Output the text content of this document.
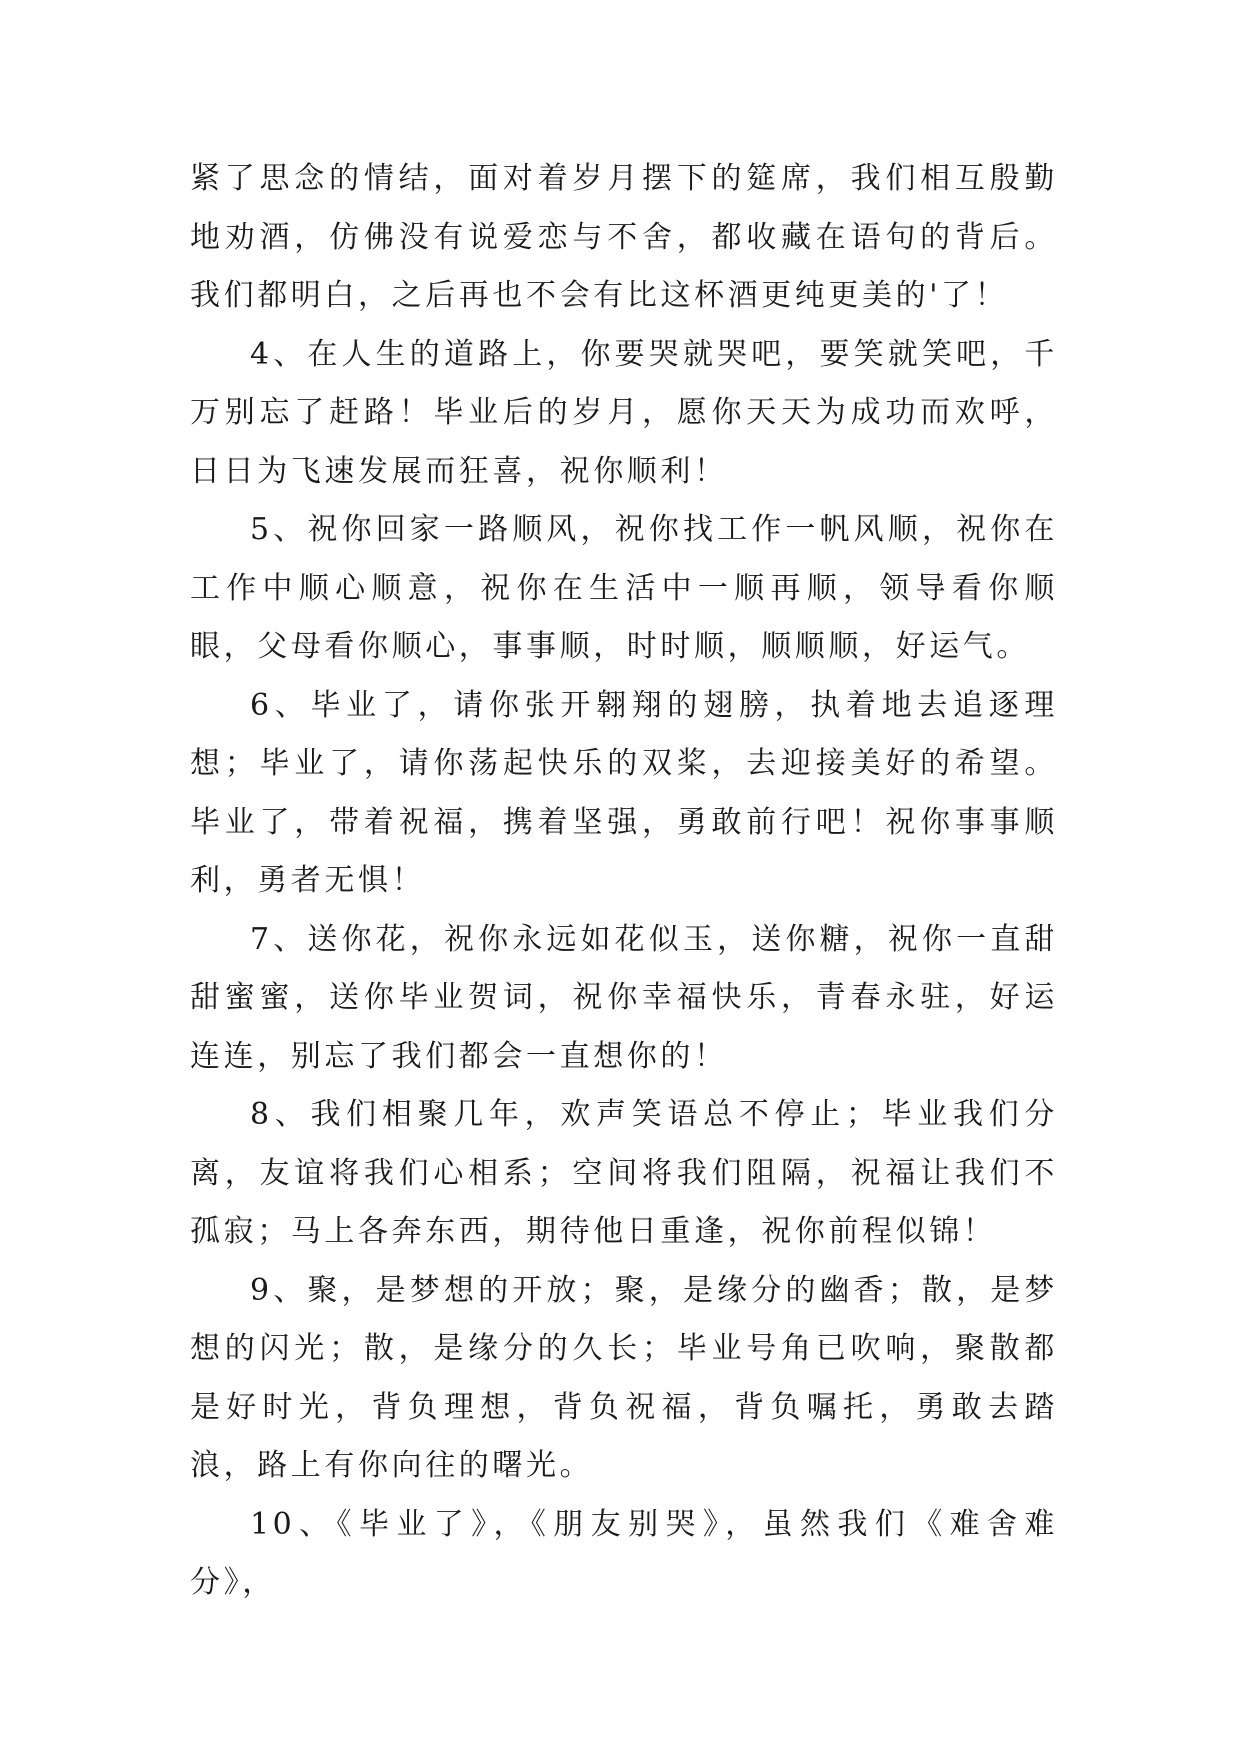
紧了思念的情结，面对着岁月摆下的筵席，我们相互殷勤地劝酒，仿佛没有说爱恋与不舍，都收藏在语句的背后。我们都明白，之后再也不会有比这杯酒更纯更美的'了！

4、在人生的道路上，你要哭就哭吧，要笑就笑吧，千万别忘了赶路！毕业后的岁月，愿你天天为成功而欢呼，日日为飞速发展而狂喜，祝你顺利！

5、祝你回家一路顺风，祝你找工作一帆风顺，祝你在工作中顺心顺意，祝你在生活中一顺再顺，领导看你顺眼，父母看你顺心，事事顺，时时顺，顺顺顺，好运气。

6、毕业了，请你张开翱翔的翅膀，执着地去追逐理想；毕业了，请你荡起快乐的双桨，去迎接美好的希望。毕业了，带着祝福，携着坚强，勇敢前行吧！祝你事事顺利，勇者无惧！

7、送你花，祝你永远如花似玉，送你糖，祝你一直甜甜蜜蜜，送你毕业贺词，祝你幸福快乐，青春永驻，好运连连，别忘了我们都会一直想你的！

8、我们相聚几年，欢声笑语总不停止；毕业我们分离，友谊将我们心相系；空间将我们阻隔，祝福让我们不孤寂；马上各奔东西，期待他日重逢，祝你前程似锦！

9、聚，是梦想的开放；聚，是缘分的幽香；散，是梦想的闪光；散，是缘分的久长；毕业号角已吹响，聚散都是好时光，背负理想，背负祝福，背负嘱托，勇敢去踏浪，路上有你向往的曙光。

10、《毕业了》，《朋友别哭》，虽然我们《难舍难分》，
